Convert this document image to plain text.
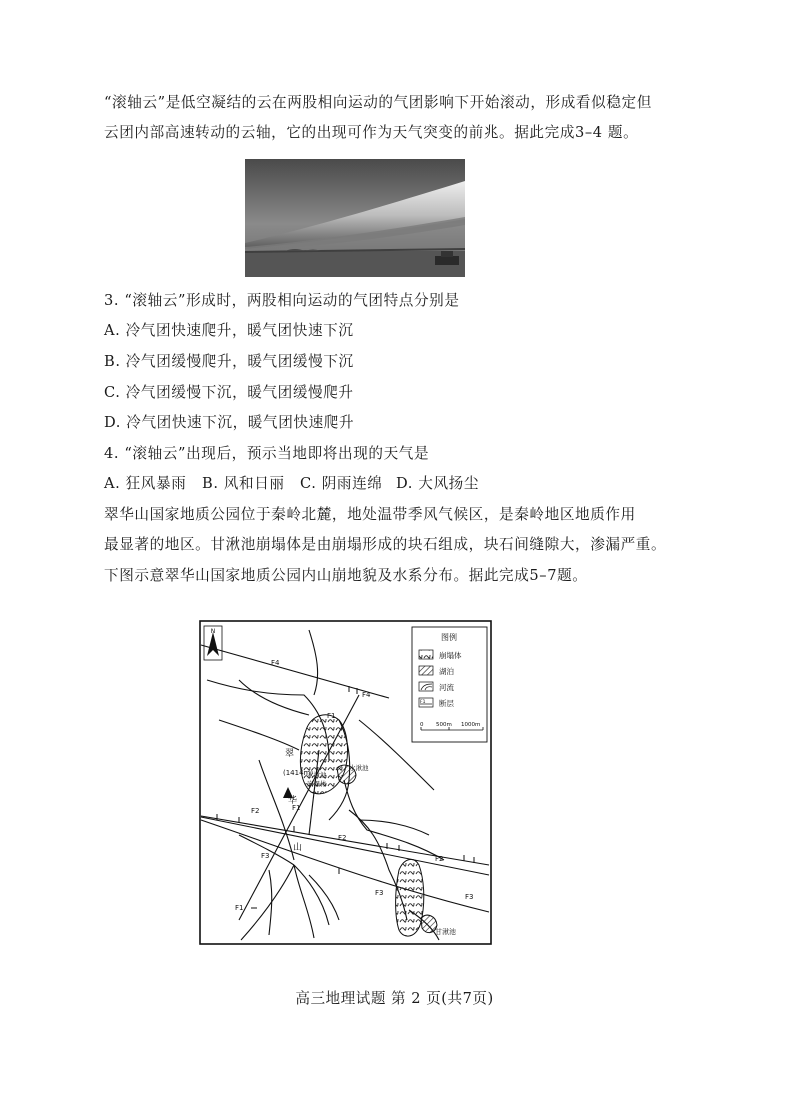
“滚轴云”是低空凝结的云在两股相向运动的气团影响下开始滚动，形成看似稳定但
云团内部高速转动的云轴，它的出现可作为天气突变的前兆。据此完成3–4 题。
3. “滚轴云”形成时，两股相向运动的气团特点分别是
A. 冷气团快速爬升，暖气团快速下沉
B. 冷气团缓慢爬升，暖气团缓慢下沉
C. 冷气团缓慢下沉，暖气团缓慢爬升
D. 冷气团快速下沉，暖气团快速爬升
4. “滚轴云”出现后，预示当地即将出现的天气是
A. 狂风暴雨 B. 风和日丽 C. 阴雨连绵 D. 大风扬尘
翠华山国家地质公园位于秦岭北麓，地处温带季风气候区，是秦岭地区地质作用
最显著的地区。甘湫池崩塌体是由崩塌形成的块石组成，块石间缝隙大，渗漏严重。
下图示意翠华山国家地质公园内山崩地貌及水系分布。据此完成5–7题。
N
图例
崩塌体
湖泊
河流
F1 断层
0 500m 1000m
F4
F4
F1
F1
F1
F2
F2
F2
F3
F3	F3
(1414m)
水湫池
崩塌体
水湫池
甘湫池
翠
华
山
高三地理试题 第 2 页(共7页)
